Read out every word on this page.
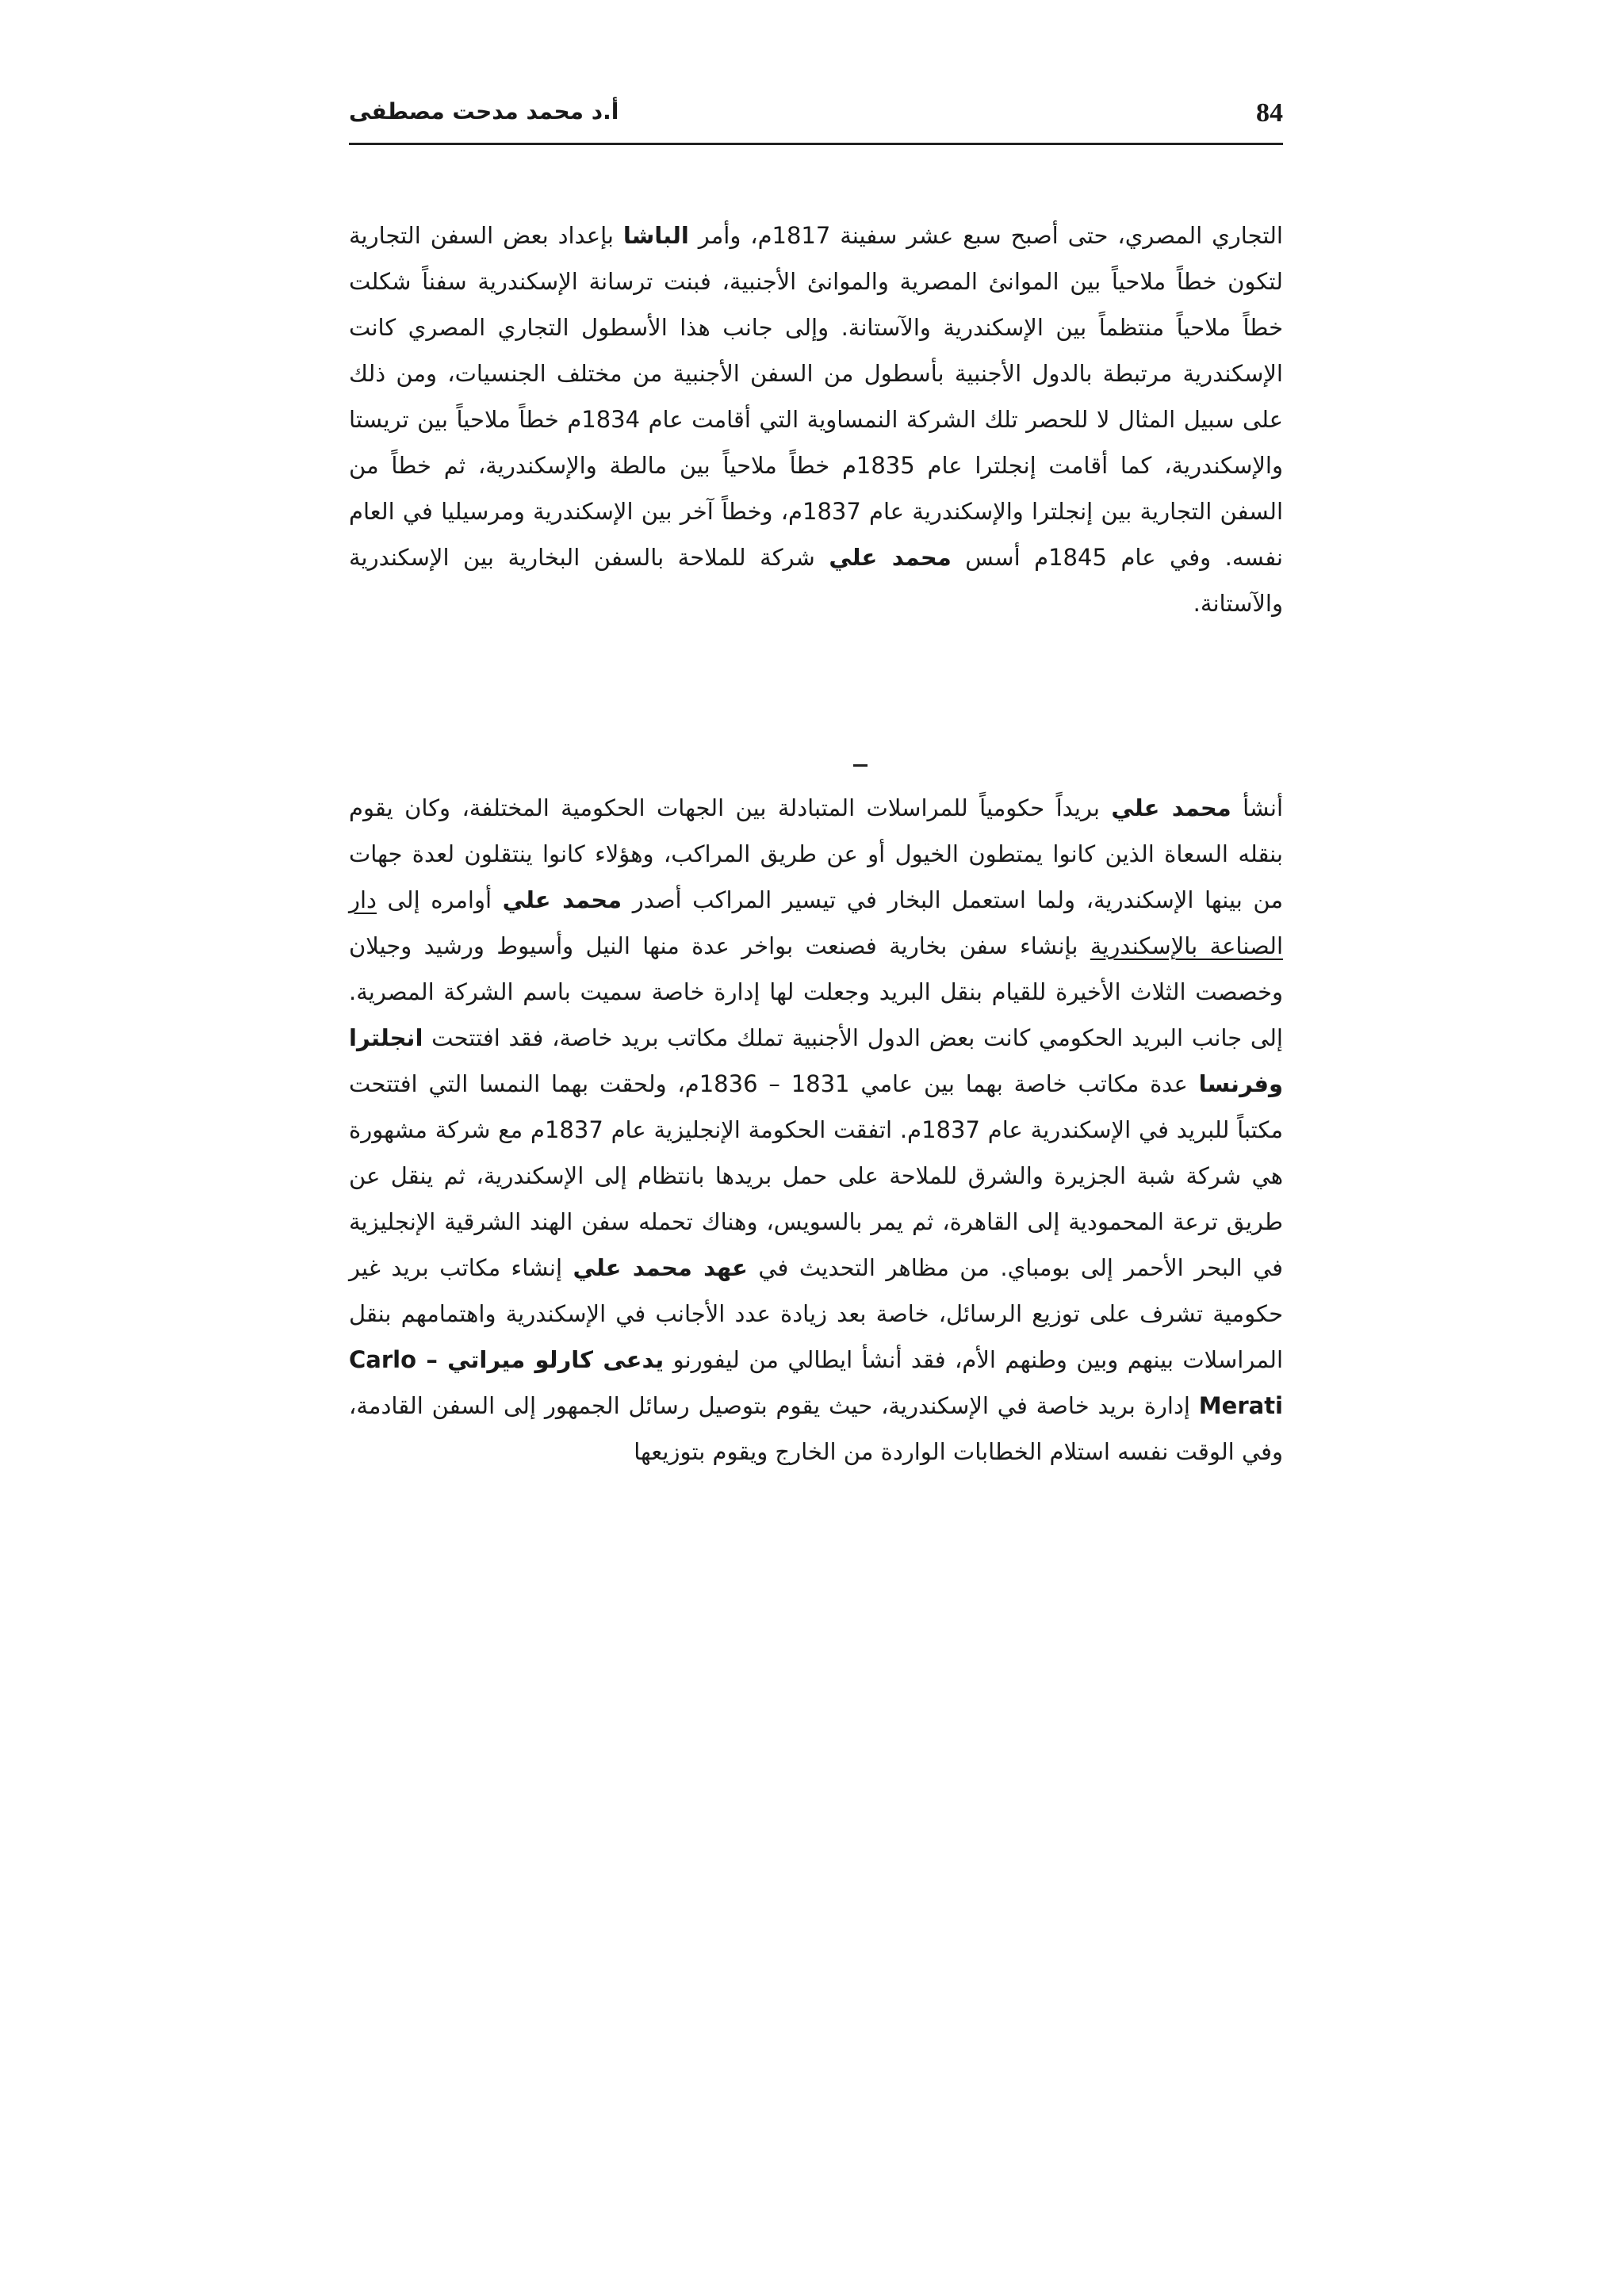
84
أ.د محمد مدحت مصطفى

التجاري المصري، حتى أصبح سبع عشر سفينة 1817م، وأمر الباشا بإعداد بعض السفن التجارية لتكون خطاً ملاحياً بين الموانئ المصرية والموانئ الأجنبية، فبنت ترسانة الإسكندرية سفناً شكلت خطاً ملاحياً منتظماً بين الإسكندرية والآستانة. وإلى جانب هذا الأسطول التجاري المصري كانت الإسكندرية مرتبطة بالدول الأجنبية بأسطول من السفن الأجنبية من مختلف الجنسيات، ومن ذلك على سبيل المثال لا للحصر تلك الشركة النمساوية التي أقامت عام 1834م خطاً ملاحياً بين تريستا والإسكندرية، كما أقامت إنجلترا عام 1835م خطاً ملاحياً بين مالطة والإسكندرية، ثم خطاً من السفن التجارية بين إنجلترا والإسكندرية عام 1837م، وخطاً آخر بين الإسكندرية ومرسيليا في العام نفسه. وفي عام 1845م أسس محمد علي شركة للملاحة بالسفن البخارية بين الإسكندرية والآستانة.

أنشأ محمد علي بريداً حكومياً للمراسلات المتبادلة بين الجهات الحكومية المختلفة، وكان يقوم بنقله السعاة الذين كانوا يمتطون الخيول أو عن طريق المراكب، وهؤلاء كانوا ينتقلون لعدة جهات من بينها الإسكندرية، ولما استعمل البخار في تيسير المراكب أصدر محمد علي أوامره إلى دار الصناعة بالإسكندرية بإنشاء سفن بخارية فصنعت بواخر عدة منها النيل وأسيوط ورشيد وجيلان وخصصت الثلاث الأخيرة للقيام بنقل البريد وجعلت لها إدارة خاصة سميت باسم الشركة المصرية. إلى جانب البريد الحكومي كانت بعض الدول الأجنبية تملك مكاتب بريد خاصة، فقد افتتحت انجلترا وفرنسا عدة مكاتب خاصة بهما بين عامي 1831 – 1836م، ولحقت بهما النمسا التي افتتحت مكتباً للبريد في الإسكندرية عام 1837م. اتفقت الحكومة الإنجليزية عام 1837م مع شركة مشهورة هي شركة شبة الجزيرة والشرق للملاحة على حمل بريدها بانتظام إلى الإسكندرية، ثم ينقل عن طريق ترعة المحمودية إلى القاهرة، ثم يمر بالسويس، وهناك تحمله سفن الهند الشرقية الإنجليزية في البحر الأحمر إلى بومباي. من مظاهر التحديث في عهد محمد علي إنشاء مكاتب بريد غير حكومية تشرف على توزيع الرسائل، خاصة بعد زيادة عدد الأجانب في الإسكندرية واهتمامهم بنقل المراسلات بينهم وبين وطنهم الأم، فقد أنشأ ايطالي من ليفورنو يدعى كارلو ميراتي – Carlo Merati إدارة بريد خاصة في الإسكندرية، حيث يقوم بتوصيل رسائل الجمهور إلى السفن القادمة، وفي الوقت نفسه استلام الخطابات الواردة من الخارج ويقوم بتوزيعها
